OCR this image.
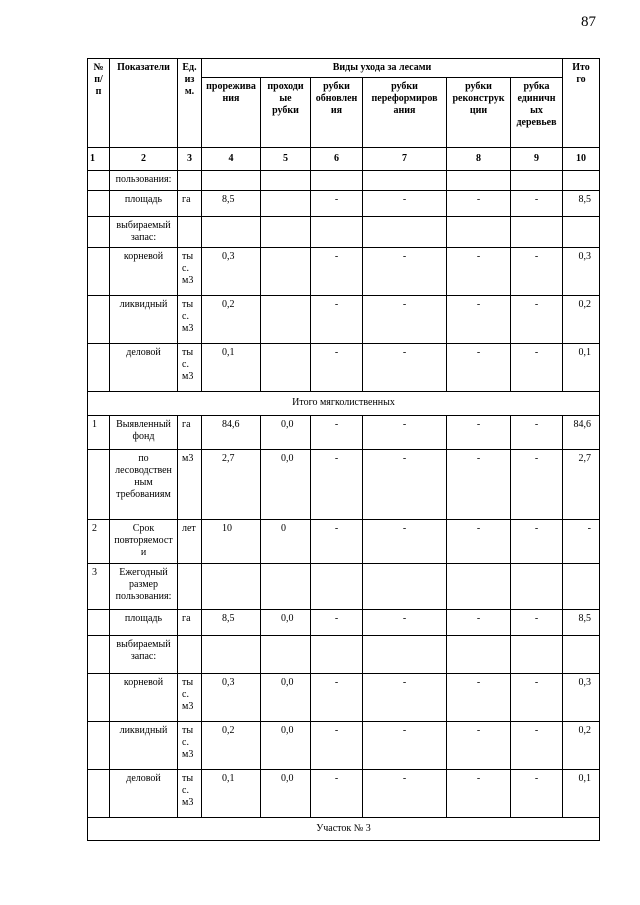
87
№
п/
п	Показатели	Ед.
из
м.	Виды ухода за лесами						Ито
го

			прорежива
ния	проходи
ые
рубки	рубки
обновлен
ия	рубки
переформиров
ания	рубки
реконструк
ции	рубка
единичн
ых
деревьев	

1	2	3	4	5	6	7	8	9	10

	пользования:								

	площадь	га	8,5		-	-	-	-	8,5

	выбираемый
запас:								

	корневой	ты
с.
м3	0,3		-	-	-	-	0,3

	ликвидный	ты
с.
м3	0,2		-	-	-	-	0,2

	деловой	ты
с.
м3	0,1		-	-	-	-	0,1

Итого мягколиственных									

1	Выявленный
фонд	га	84,6	0,0	-	-	-	-	84,6

	по
лесоводствен
ным
требованиям	м3	2,7	0,0	-	-	-	-	2,7

2	Срок
повторяемост
и	лет	10	0	-	-	-	-	-

3	Ежегодный
размер
пользования:								

	площадь	га	8,5	0,0	-	-	-	-	8,5

	выбираемый
запас:								

	корневой	ты
с.
м3	0,3	0,0	-	-	-	-	0,3

	ликвидный	ты
с.
м3	0,2	0,0	-	-	-	-	0,2

	деловой	ты
с.
м3	0,1	0,0	-	-	-	-	0,1

Участок № 3									
